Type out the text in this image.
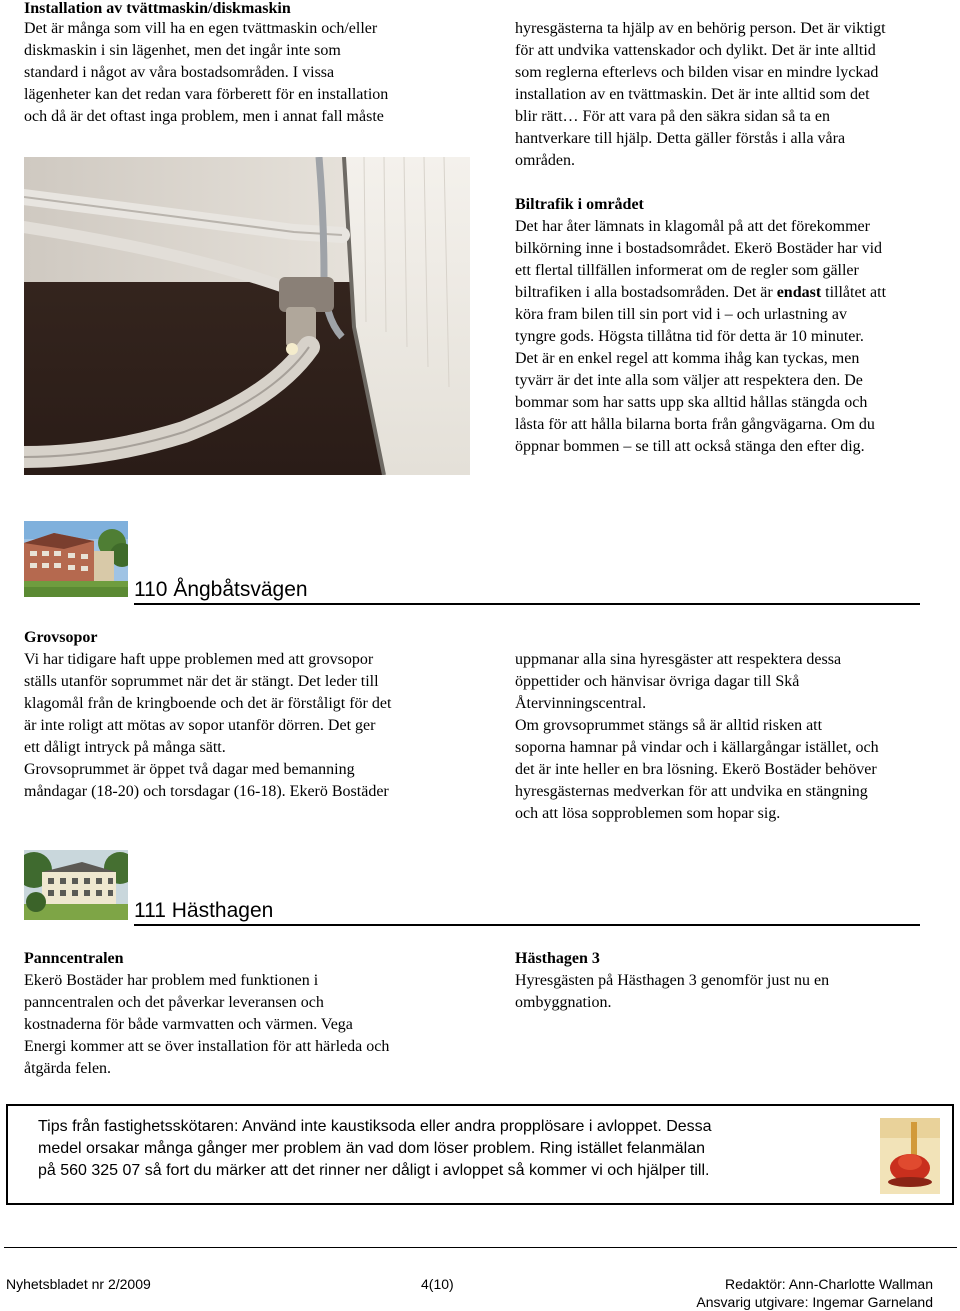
Installation av tvättmaskin/diskmaskin
Det är många som vill ha en egen tvättmaskin och/eller
diskmaskin i sin lägenhet, men det ingår inte som
standard i något av våra bostadsområden. I vissa
lägenheter kan det redan vara förberett för en installation
och då är det oftast inga problem, men i annat fall måste
hyresgästerna ta hjälp av en behörig person. Det är viktigt
för att undvika vattenskador och dylikt. Det är inte alltid
som reglerna efterlevs och bilden visar en mindre lyckad
installation av en tvättmaskin. Det är inte alltid som det
blir rätt… För att vara på den säkra sidan så ta en
hantverkare till hjälp. Detta gäller förstås i alla våra
områden.
Biltrafik i området
Det har åter lämnats in klagomål på att det förekommer
bilkörning inne i bostadsområdet. Ekerö Bostäder har vid
ett flertal tillfällen informerat om de regler som gäller
biltrafiken i alla bostadsområden. Det är endast tillåtet att
köra fram bilen till sin port vid i – och urlastning av
tyngre gods. Högsta tillåtna tid för detta är 10 minuter.
Det är en enkel regel att komma ihåg kan tyckas, men
tyvärr är det inte alla som väljer att respektera den. De
bommar som har satts upp ska alltid hållas stängda och
låsta för att hålla bilarna borta från gångvägarna. Om du
öppnar bommen – se till att också stänga den efter dig.
110 Ångbåtsvägen
Grovsopor
Vi har tidigare haft uppe problemen med att grovsopor
ställs utanför soprummet när det är stängt. Det leder till
klagomål från de kringboende och det är förståligt för det
är inte roligt att mötas av sopor utanför dörren. Det ger
ett dåligt intryck på många sätt.
Grovsoprummet är öppet två dagar med bemanning
måndagar (18-20) och torsdagar (16-18). Ekerö Bostäder
uppmanar alla sina hyresgäster att respektera dessa
öppettider och hänvisar övriga dagar till Skå
Återvinningscentral.
Om grovsoprummet stängs så är alltid risken att
soporna hamnar på vindar och i källargångar istället, och
det är inte heller en bra lösning. Ekerö Bostäder behöver
hyresgästernas medverkan för att undvika en stängning
och att lösa sopproblemen som hopar sig.
111 Hästhagen
Panncentralen
Ekerö Bostäder har problem med funktionen i
panncentralen och det påverkar leveransen och
kostnaderna för både varmvatten och värmen. Vega
Energi kommer att se över installation för att härleda och
åtgärda felen.
Hästhagen 3
Hyresgästen på Hästhagen 3 genomför just nu en
ombyggnation.
Tips från fastighetsskötaren: Använd inte kaustiksoda eller andra propplösare i avloppet. Dessa
medel orsakar många gånger mer problem än vad dom löser problem. Ring istället felanmälan
på 560 325 07 så fort du märker att det rinner ner dåligt i avloppet så kommer vi och hjälper till.
Nyhetsbladet nr 2/2009	4(10)	Redaktör: Ann-Charlotte Wallman
Ansvarig utgivare: Ingemar Garneland
